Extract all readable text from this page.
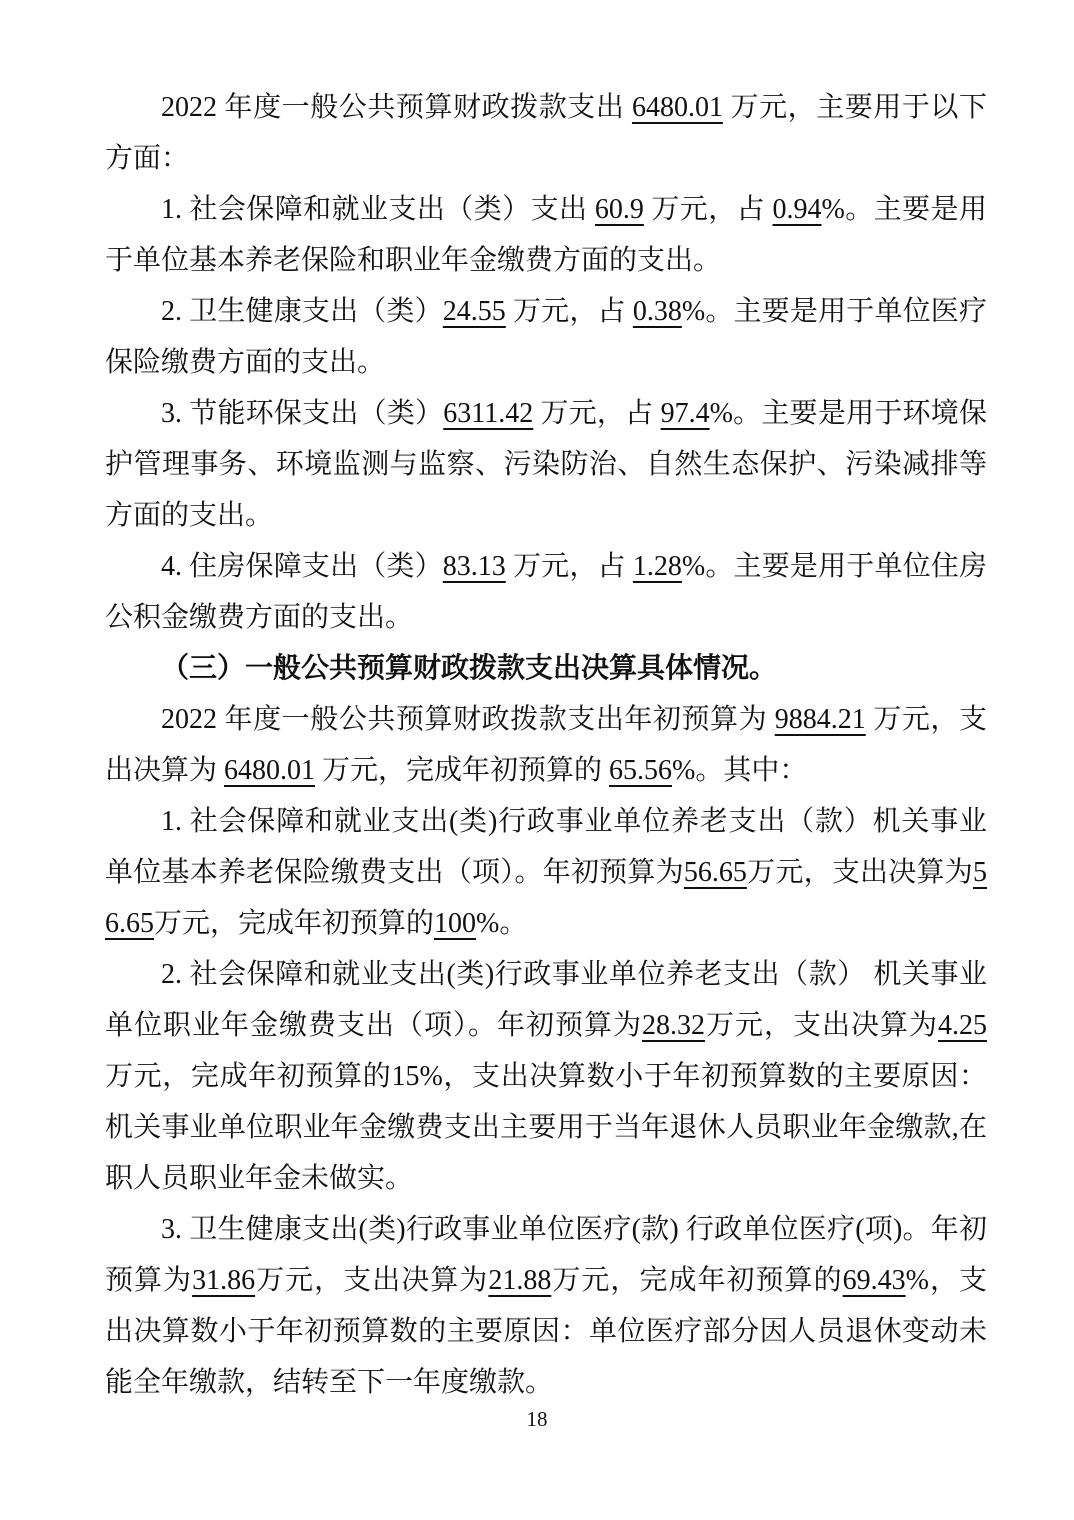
2022 年度一般公共预算财政拨款支出 6480.01 万元，主要用于以下方面：

1. 社会保障和就业支出（类）支出 60.9 万元，占 0.94%。主要是用于单位基本养老保险和职业年金缴费方面的支出。

2. 卫生健康支出（类）24.55 万元，占 0.38%。主要是用于单位医疗保险缴费方面的支出。

3. 节能环保支出（类）6311.42 万元，占 97.4%。主要是用于环境保护管理事务、环境监测与监察、污染防治、自然生态保护、污染减排等方面的支出。

4. 住房保障支出（类）83.13 万元，占 1.28%。主要是用于单位住房公积金缴费方面的支出。

（三）一般公共预算财政拨款支出决算具体情况。

2022 年度一般公共预算财政拨款支出年初预算为 9884.21 万元，支出决算为 6480.01 万元，完成年初预算的 65.56%。其中：

1. 社会保障和就业支出(类)行政事业单位养老支出（款）机关事业单位基本养老保险缴费支出（项）。年初预算为56.65万元，支出决算为56.65万元，完成年初预算的100%。

2. 社会保障和就业支出(类)行政事业单位养老支出（款） 机关事业单位职业年金缴费支出（项）。年初预算为28.32万元，支出决算为4.25万元，完成年初预算的15%，支出决算数小于年初预算数的主要原因：机关事业单位职业年金缴费支出主要用于当年退休人员职业年金缴款,在职人员职业年金未做实。

3. 卫生健康支出(类)行政事业单位医疗(款) 行政单位医疗(项)。年初预算为31.86万元，支出决算为21.88万元，完成年初预算的69.43%，支出决算数小于年初预算数的主要原因：单位医疗部分因人员退休变动未能全年缴款，结转至下一年度缴款。

18
